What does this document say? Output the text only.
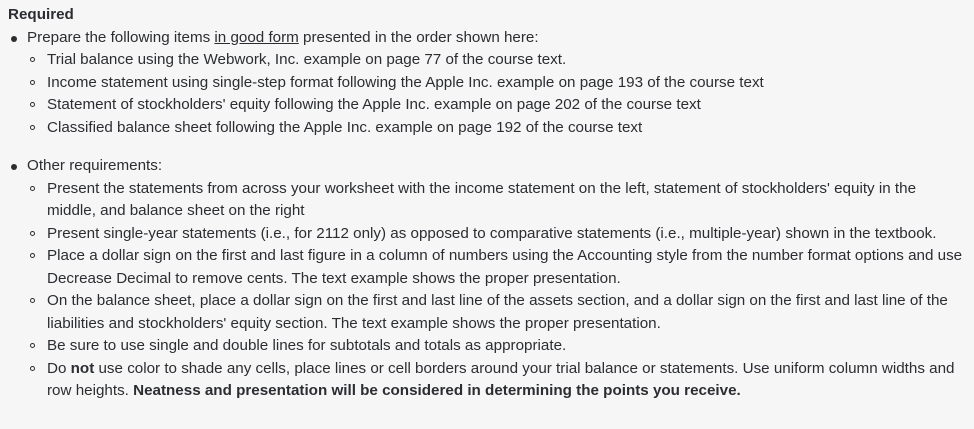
Required
Prepare the following items in good form presented in the order shown here:
Trial balance using the Webwork, Inc. example on page 77 of the course text.
Income statement using single-step format following the Apple Inc. example on page 193 of the course text
Statement of stockholders' equity following the Apple Inc. example on page 202 of the course text
Classified balance sheet following the Apple Inc. example on page 192 of the course text
Other requirements:
Present the statements from across your worksheet with the income statement on the left, statement of stockholders' equity in the middle, and balance sheet on the right
Present single-year statements (i.e., for 2112 only) as opposed to comparative statements (i.e., multiple-year) shown in the textbook.
Place a dollar sign on the first and last figure in a column of numbers using the Accounting style from the number format options and use Decrease Decimal to remove cents. The text example shows the proper presentation.
On the balance sheet, place a dollar sign on the first and last line of the assets section, and a dollar sign on the first and last line of the liabilities and stockholders' equity section. The text example shows the proper presentation.
Be sure to use single and double lines for subtotals and totals as appropriate.
Do not use color to shade any cells, place lines or cell borders around your trial balance or statements. Use uniform column widths and row heights. Neatness and presentation will be considered in determining the points you receive.
